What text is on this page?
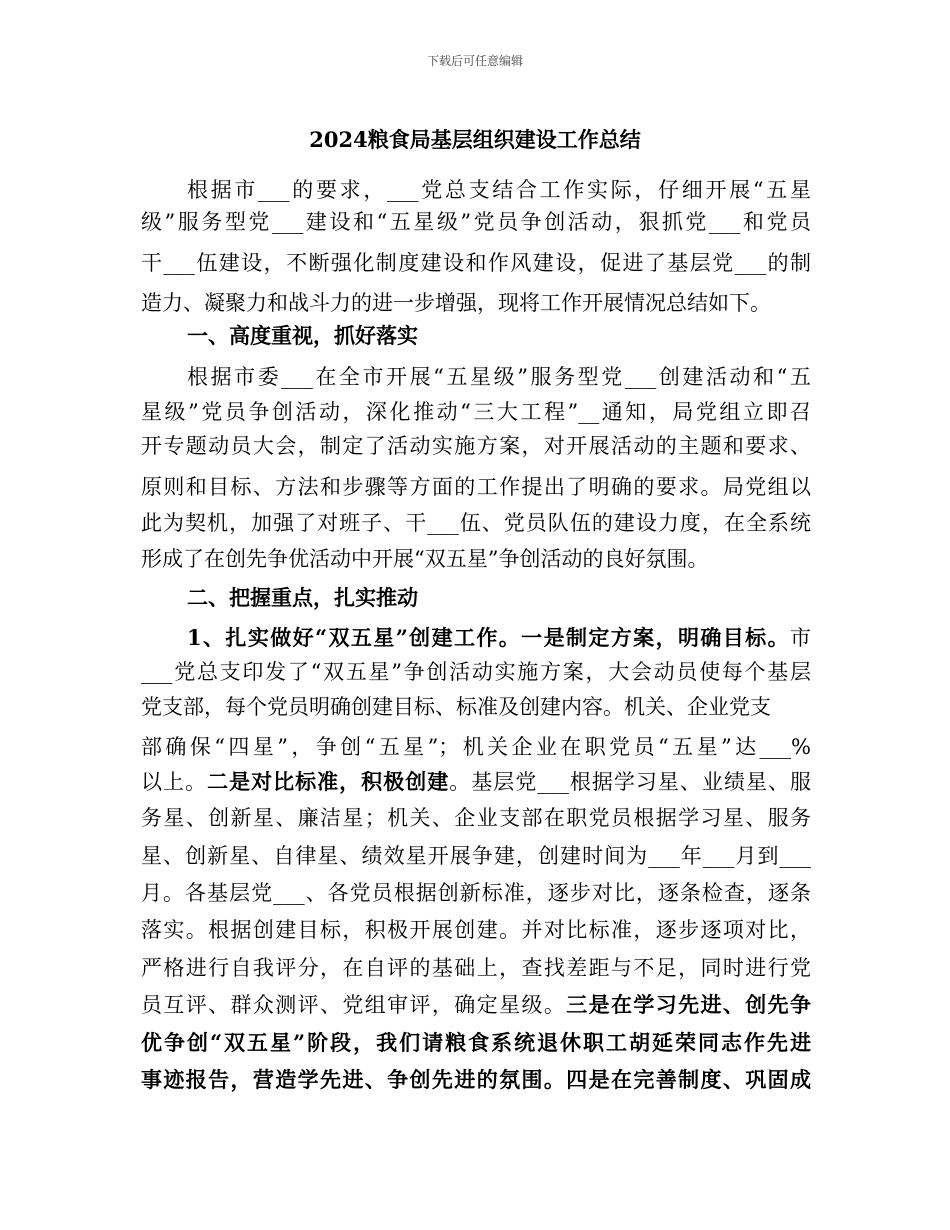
下载后可任意编辑
2024粮食局基层组织建设工作总结
根据市___的要求，___党总支结合工作实际，仔细开展“五星
级”服务型党___建设和“五星级”党员争创活动，狠抓党___和党员
干___伍建设，不断强化制度建设和作风建设，促进了基层党___的制
造力、凝聚力和战斗力的进一步增强，现将工作开展情况总结如下。
一、高度重视，抓好落实
根据市委___在全市开展“五星级”服务型党___创建活动和“五
星级”党员争创活动，深化推动“三大工程”__通知，局党组立即召
开专题动员大会，制定了活动实施方案，对开展活动的主题和要求、
原则和目标、方法和步骤等方面的工作提出了明确的要求。局党组以
此为契机，加强了对班子、干___伍、党员队伍的建设力度，在全系统
形成了在创先争优活动中开展“双五星”争创活动的良好氛围。
二、把握重点，扎实推动
1、扎实做好“双五星”创建工作。一是制定方案，明确目标。市
___党总支印发了“双五星”争创活动实施方案，大会动员使每个基层
党支部，每个党员明确创建目标、标准及创建内容。机关、企业党支
部确保“四星”，争创“五星”；机关企业在职党员“五星”达___%
以上。二是对比标准，积极创建。基层党___根据学习星、业绩星、服
务星、创新星、廉洁星；机关、企业支部在职党员根据学习星、服务
星、创新星、自律星、绩效星开展争建，创建时间为___年___月到___
月。各基层党___、各党员根据创新标准，逐步对比，逐条检查，逐条
落实。根据创建目标，积极开展创建。并对比标准，逐步逐项对比，
严格进行自我评分，在自评的基础上，查找差距与不足，同时进行党
员互评、群众测评、党组审评，确定星级。三是在学习先进、创先争
优争创“双五星”阶段，我们请粮食系统退休职工胡延荣同志作先进
事迹报告，营造学先进、争创先进的氛围。四是在完善制度、巩固成
